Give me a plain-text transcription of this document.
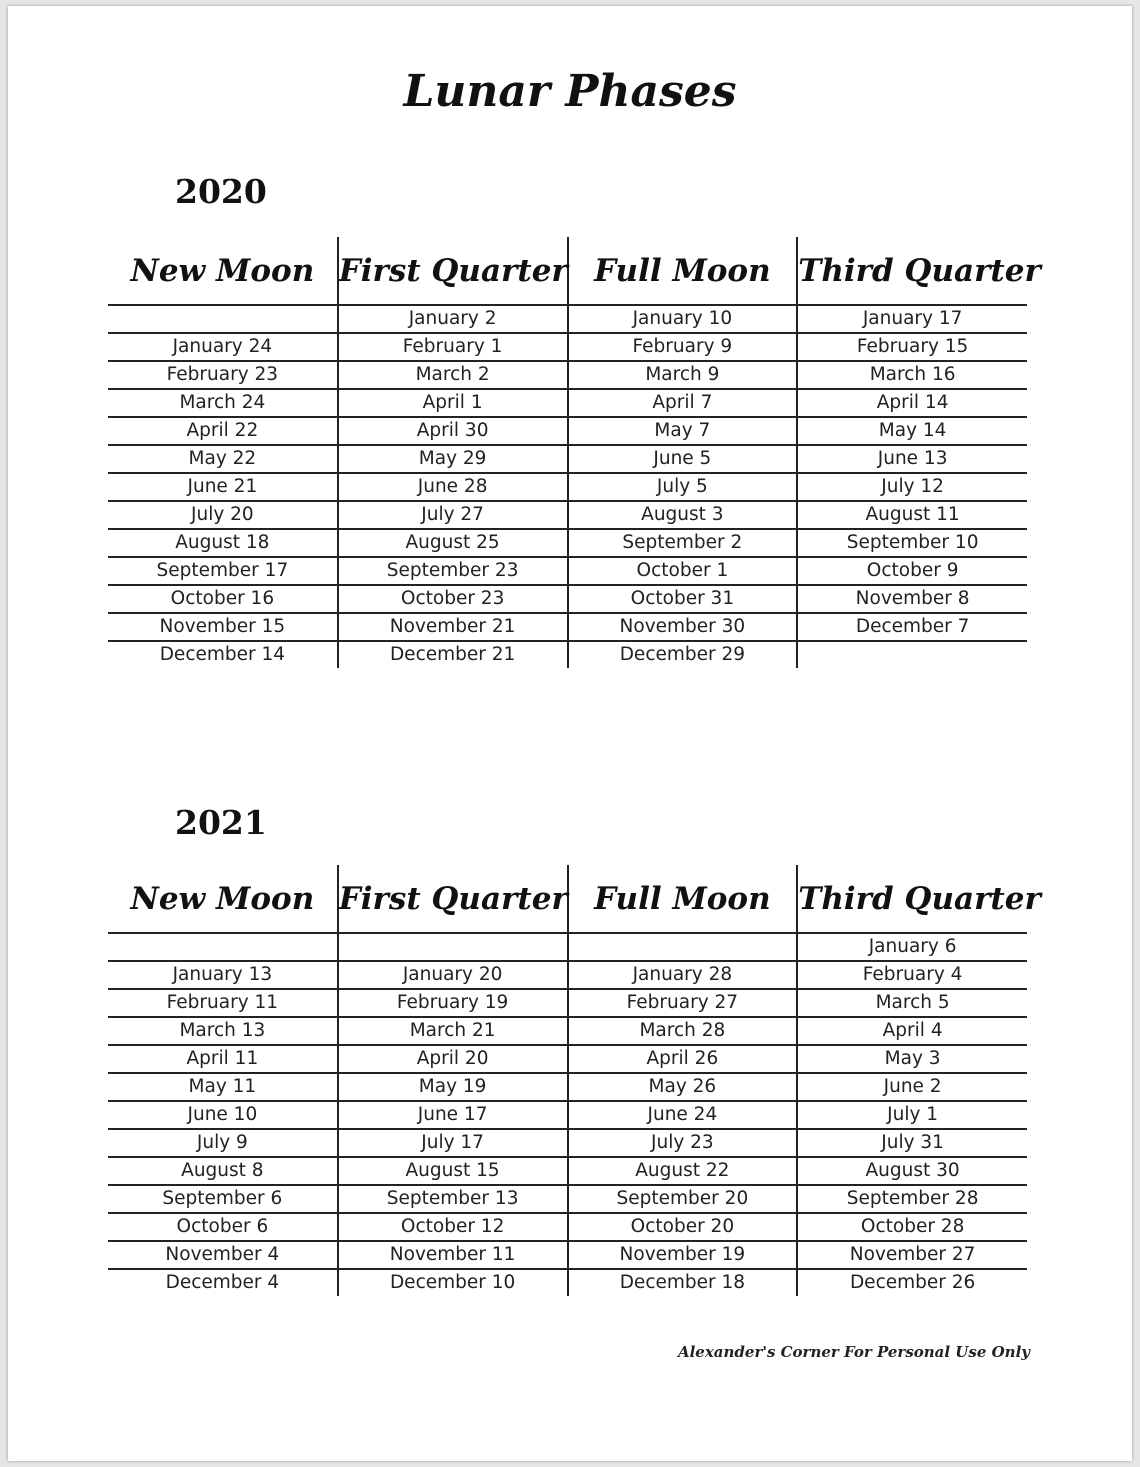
Lunar Phases
2020
New Moon	First Quarter	Full Moon	Third Quarter
	January 2	January 10	January 17
January 24	February 1	February 9	February 15
February 23	March 2	March 9	March 16
March 24	April 1	April 7	April 14
April 22	April 30	May 7	May 14
May 22	May 29	June 5	June 13
June 21	June 28	July 5	July 12
July 20	July 27	August 3	August 11
August 18	August 25	September 2	September 10
September 17	September 23	October 1	October 9
October 16	October 23	October 31	November 8
November 15	November 21	November 30	December 7
December 14	December 21	December 29	
2021
New Moon	First Quarter	Full Moon	Third Quarter
			January 6
January 13	January 20	January 28	February 4
February 11	February 19	February 27	March 5
March 13	March 21	March 28	April 4
April 11	April 20	April 26	May 3
May 11	May 19	May 26	June 2
June 10	June 17	June 24	July 1
July 9	July 17	July 23	July 31
August 8	August 15	August 22	August 30
September 6	September 13	September 20	September 28
October 6	October 12	October 20	October 28
November 4	November 11	November 19	November 27
December 4	December 10	December 18	December 26

Alexander's Corner For Personal Use Only
